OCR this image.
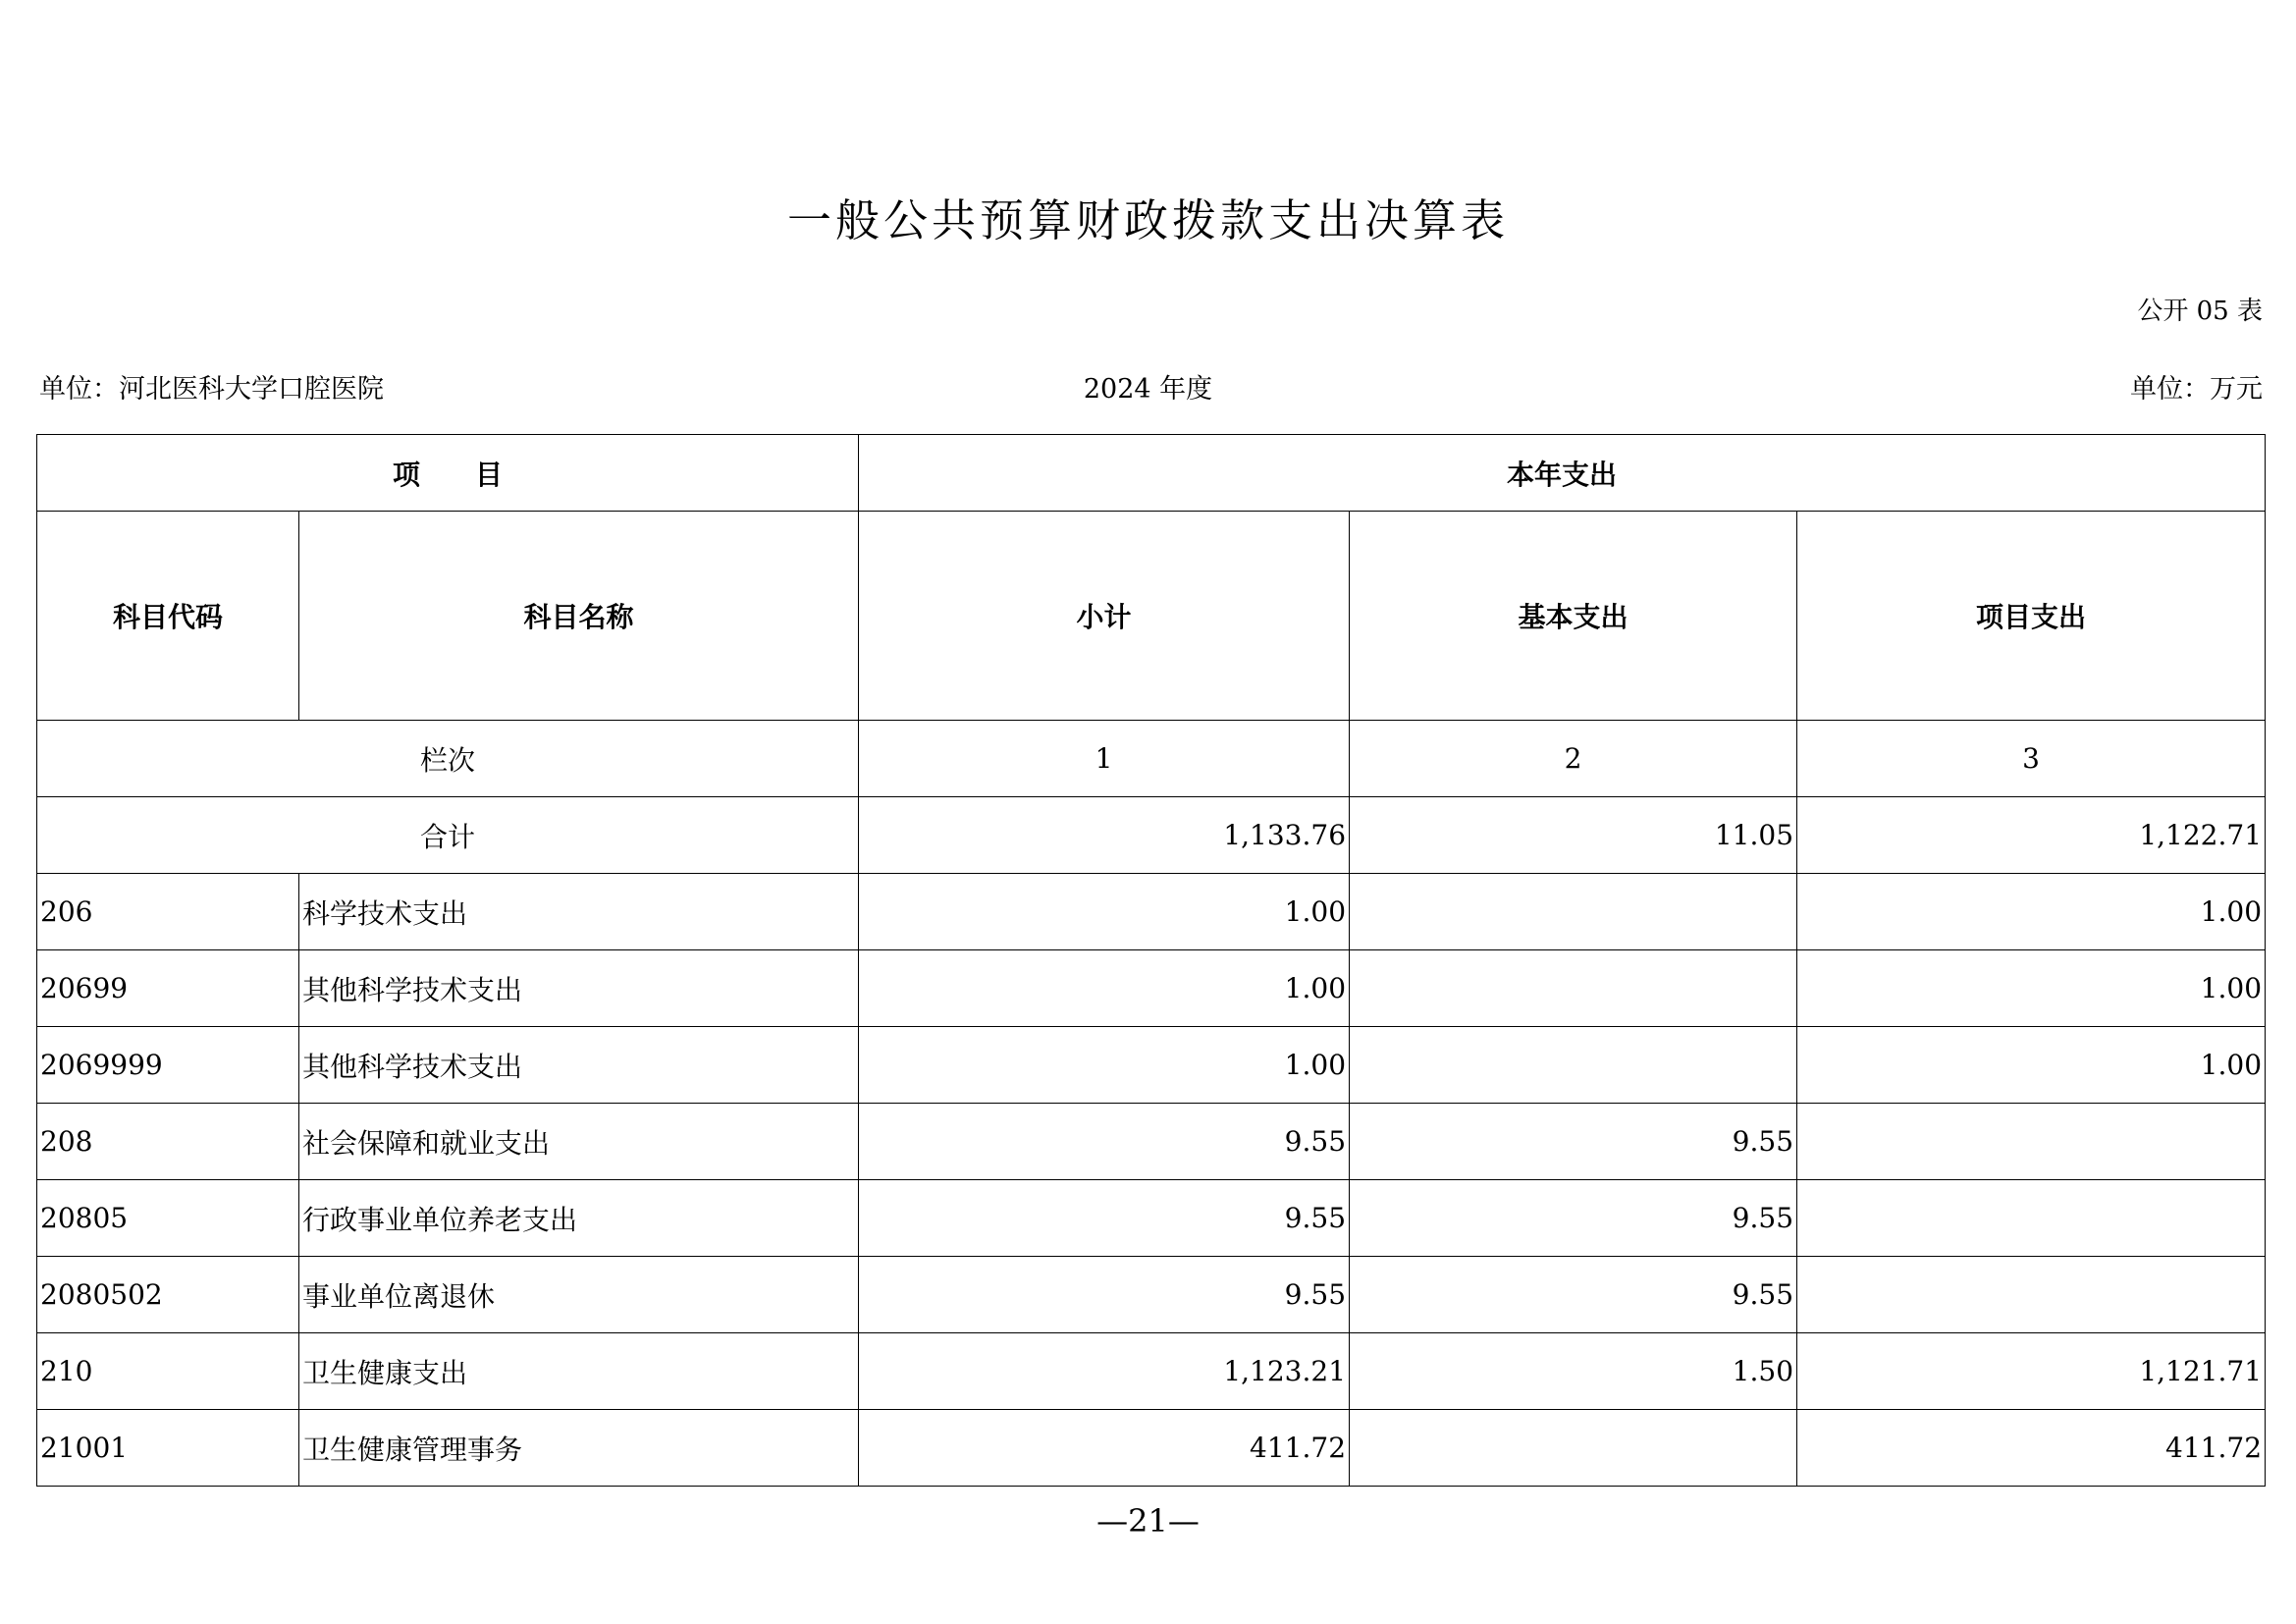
一般公共预算财政拨款支出决算表
公开 05 表
单位：河北医科大学口腔医院	2024 年度	单位：万元
项　　目		本年支出		
科目代码	科目名称	小计	基本支出	项目支出
栏次		1	2	3
合计		1,133.76	11.05	1,122.71
206	科学技术支出	1.00		1.00
20699	其他科学技术支出	1.00		1.00
2069999	其他科学技术支出	1.00		1.00
208	社会保障和就业支出	9.55	9.55	
20805	行政事业单位养老支出	9.55	9.55	
2080502	事业单位离退休	9.55	9.55	
210	卫生健康支出	1,123.21	1.50	1,121.71
21001	卫生健康管理事务	411.72		411.72
—21—
